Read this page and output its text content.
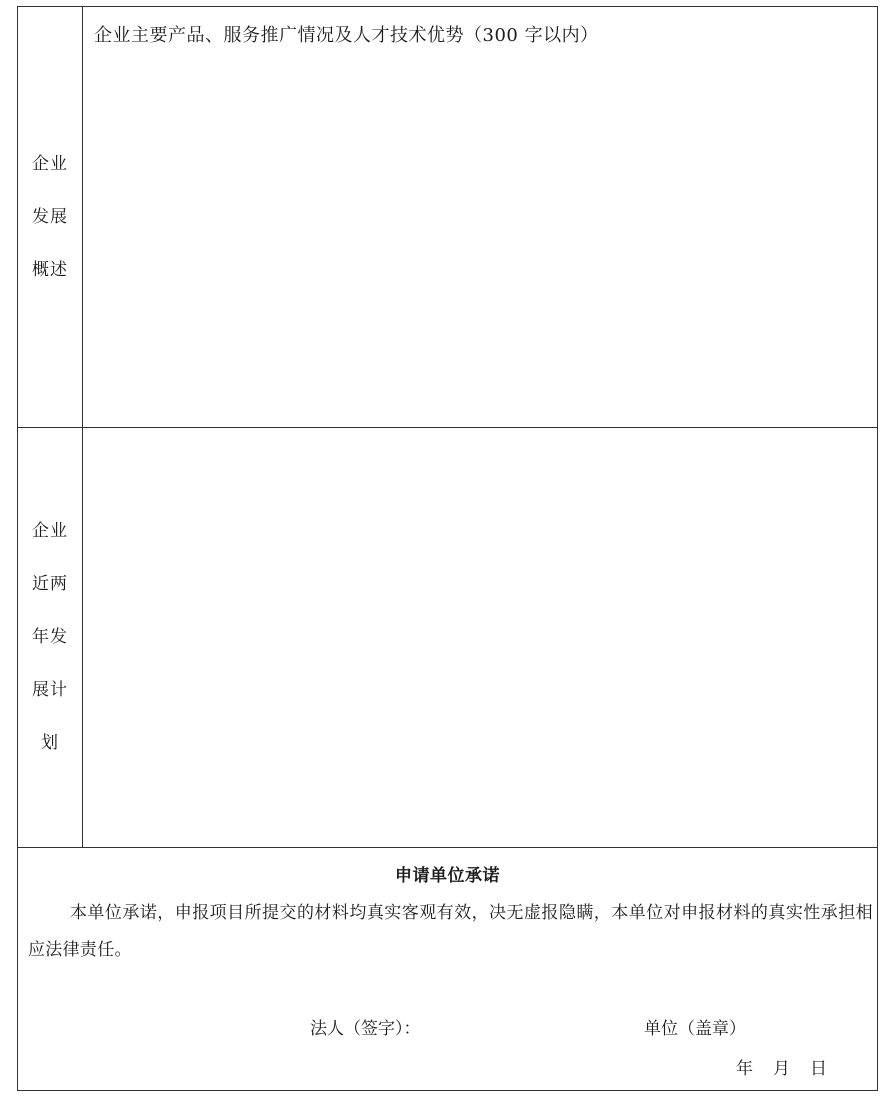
企业
发展
概述
企业主要产品、服务推广情况及人才技术优势（300 字以内）
企业
近两
年发
展计
划
申请单位承诺
本单位承诺，申报项目所提交的材料均真实客观有效，决无虚报隐瞒，本单位对申报材料的真实性承担相应法律责任。
法人（签字）：	单位（盖章）
年 月 日
